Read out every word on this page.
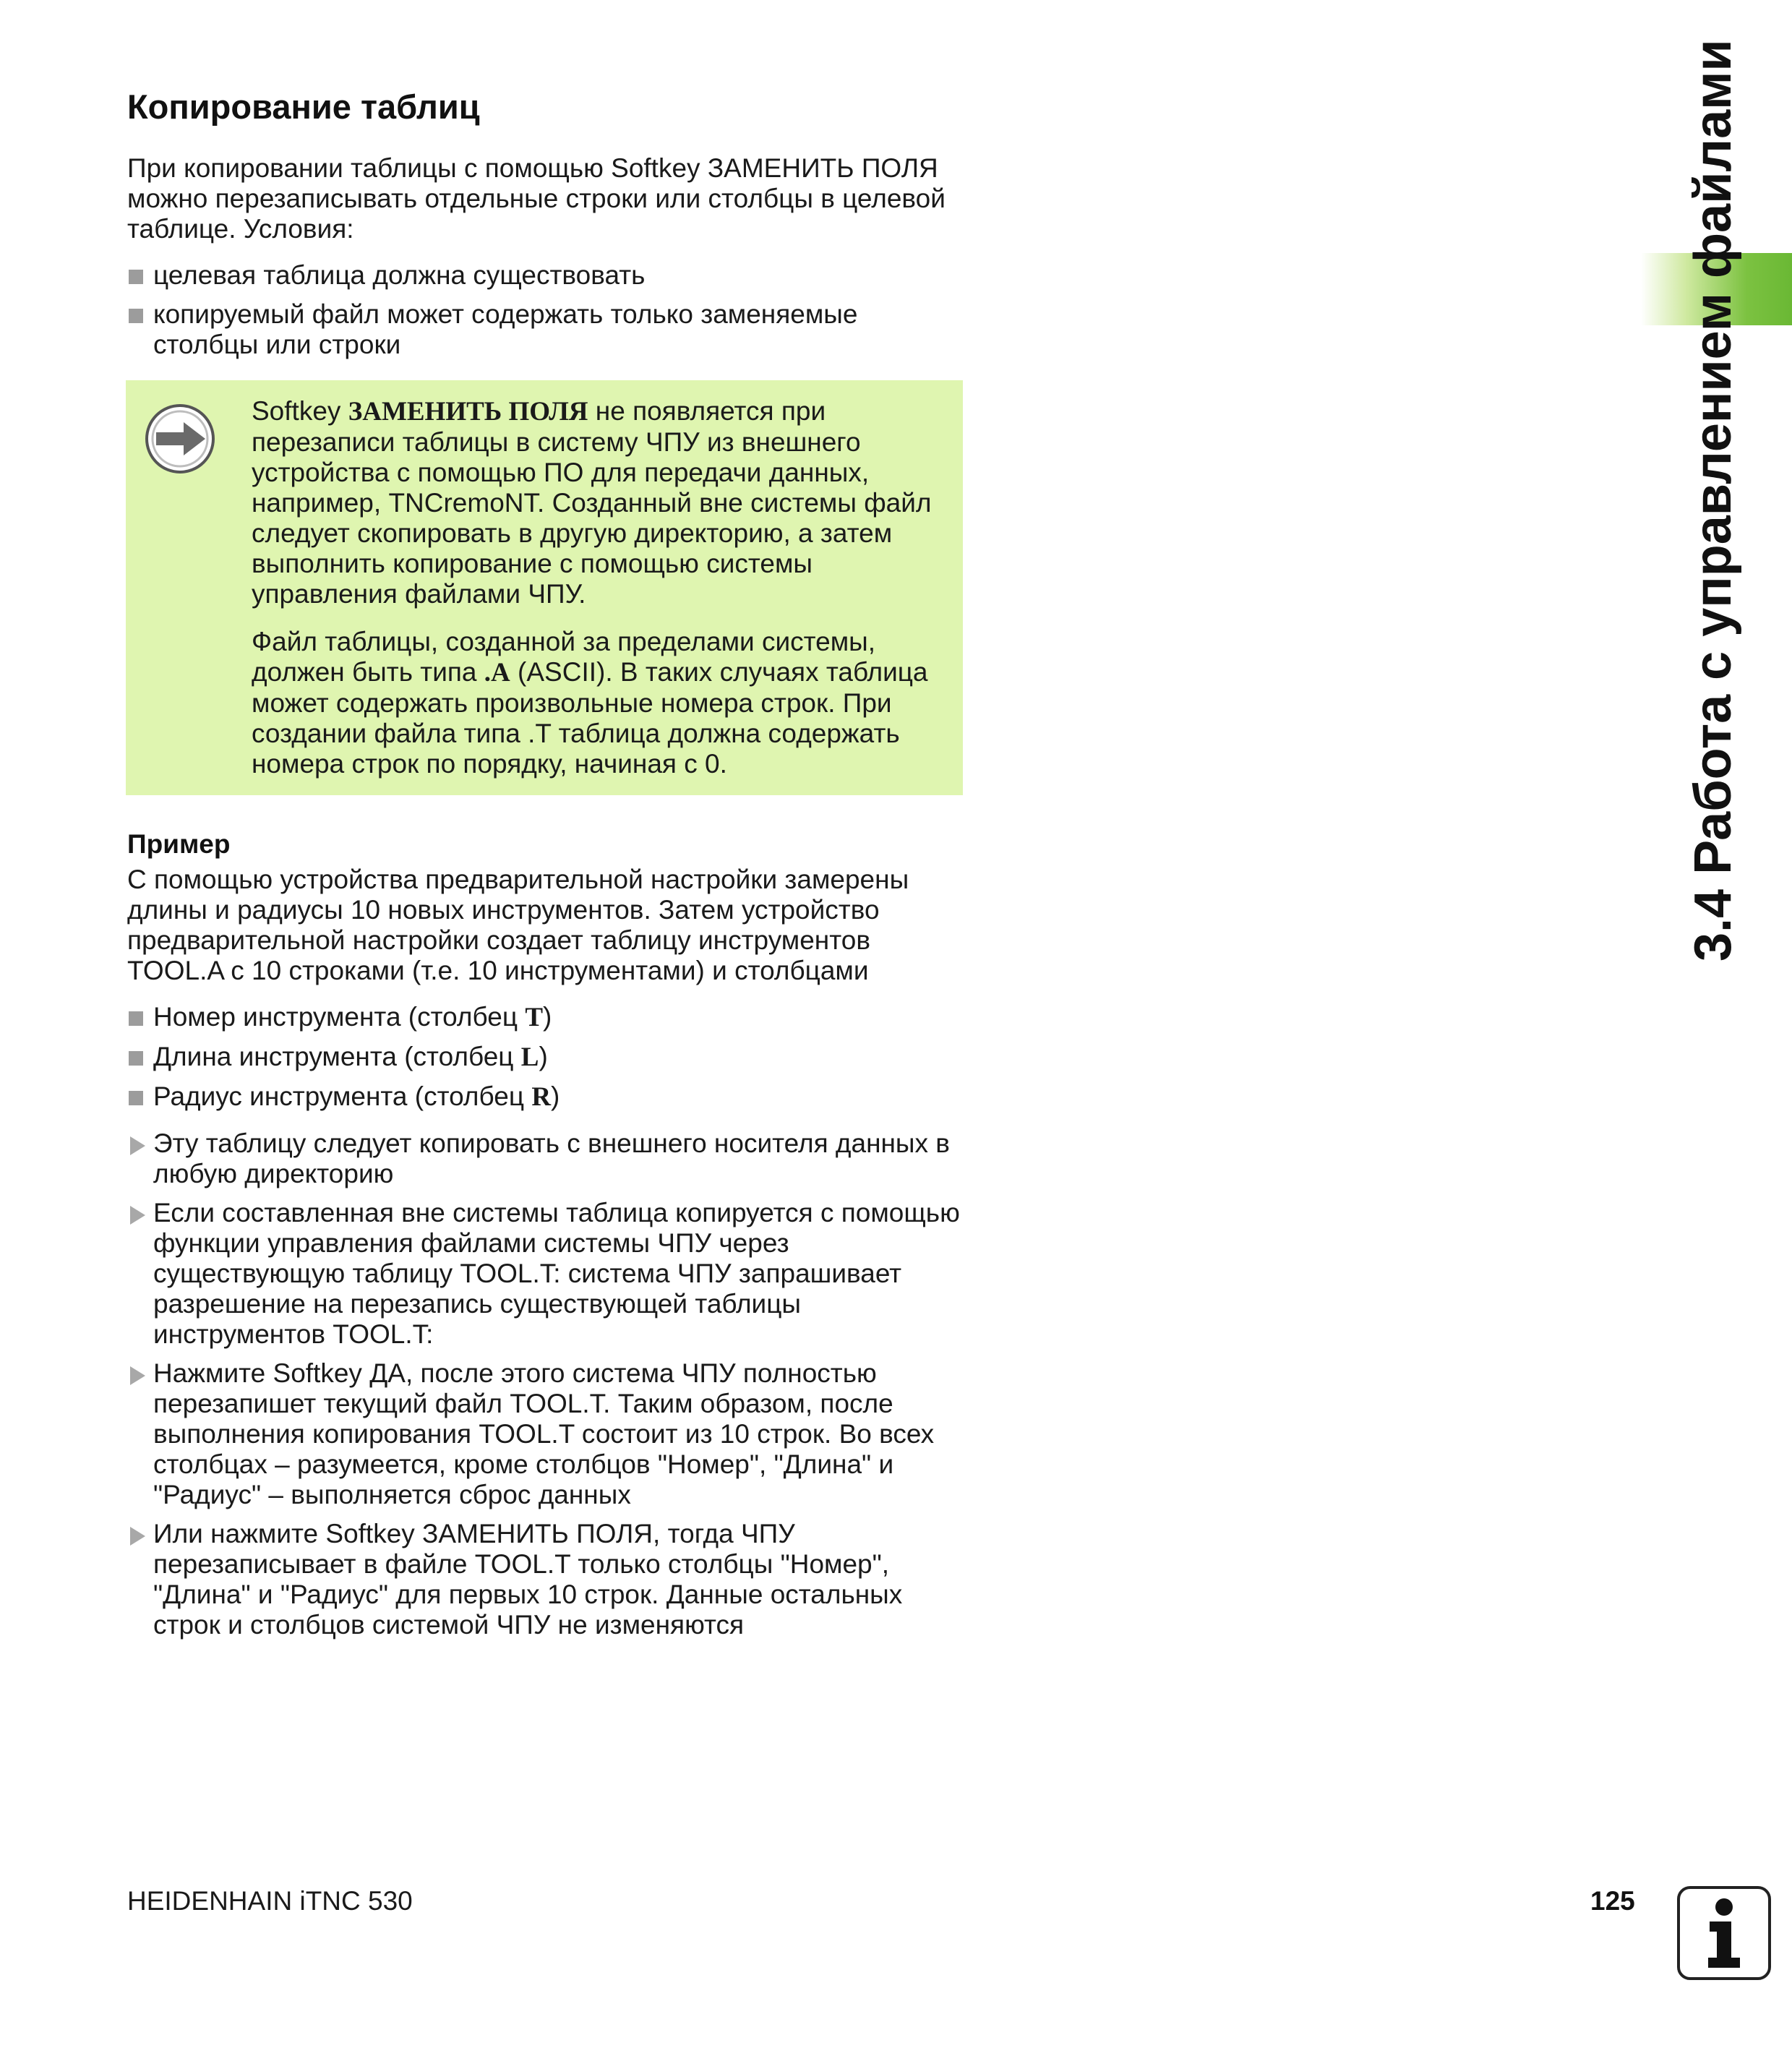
Копирование таблиц

При копировании таблицы с помощью Softkey ЗАМЕНИТЬ ПОЛЯ можно перезаписывать отдельные строки или столбцы в целевой таблице. Условия:

целевая таблица должна существовать
копируемый файл может содержать только заменяемые столбцы или строки

Softkey ЗАМЕНИТЬ ПОЛЯ не появляется при перезаписи таблицы в систему ЧПУ из внешнего устройства с помощью ПО для передачи данных, например, TNCremoNT. Созданный вне системы файл следует скопировать в другую директорию, а затем выполнить копирование с помощью системы управления файлами ЧПУ.

Файл таблицы, созданной за пределами системы, должен быть типа .A (ASCII). В таких случаях таблица может содержать произвольные номера строк. При создании файла типа .T таблица должна содержать номера строк по порядку, начиная с 0.

Пример

С помощью устройства предварительной настройки замерены длины и радиусы 10 новых инструментов. Затем устройство предварительной настройки создает таблицу инструментов TOOL.A с 10 строками (т.е. 10 инструментами) и столбцами

Номер инструмента (столбец T)
Длина инструмента (столбец L)
Радиус инструмента (столбец R)
Эту таблицу следует копировать с внешнего носителя данных в любую директорию
Если составленная вне системы таблица копируется с помощью функции управления файлами системы ЧПУ через существующую таблицу TOOL.T: система ЧПУ запрашивает разрешение на перезапись существующей таблицы инструментов TOOL.T:
Нажмите Softkey ДА, после этого система ЧПУ полностью перезапишет текущий файл TOOL.T. Таким образом, после выполнения копирования TOOL.T состоит из 10 строк. Во всех столбцах – разумеется, кроме столбцов "Номер", "Длина" и "Радиус" – выполняется сброс данных
Или нажмите Softkey ЗАМЕНИТЬ ПОЛЯ, тогда ЧПУ перезаписывает в файле TOOL.T только столбцы "Номер", "Длина" и "Радиус" для первых 10 строк. Данные остальных строк и столбцов системой ЧПУ не изменяются
3.4 Работа с управлением файлами
HEIDENHAIN iTNC 530	125
